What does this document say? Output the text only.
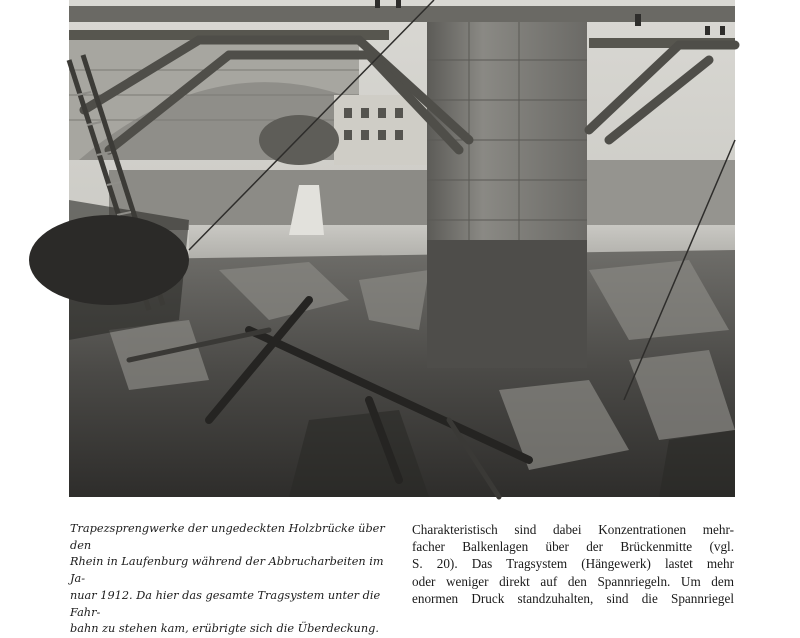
Trapezsprengwerke der ungedeckten Holzbrücke über den
Rhein in Laufenburg während der Abbrucharbeiten im Ja-
nuar 1912. Da hier das gesamte Tragsystem unter die Fahr-
bahn zu stehen kam, erübrigte sich die Überdeckung.

Charakteristisch sind dabei Konzentrationen mehr-
facher Balkenlagen über der Brückenmitte (vgl.
S. 20). Das Tragsystem (Hängewerk) lastet mehr
oder weniger direkt auf den Spannriegeln. Um dem
enormen Druck standzuhalten, sind die Spannriegel
